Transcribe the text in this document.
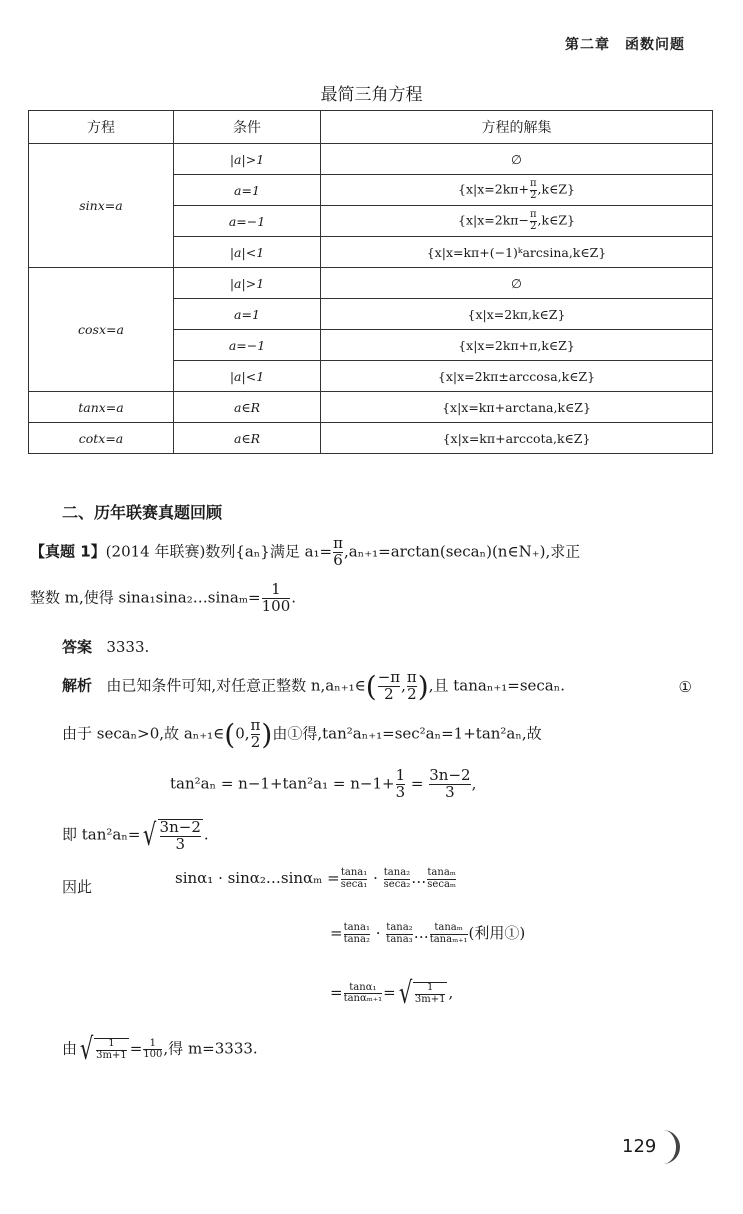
第二章　函数问题
最简三角方程
方程	条件	方程的解集
sinx=a	|a|>1	∅
	a=1	{$x|x=2k\pi+ \frac{\pi}{2}$ ,k∈Z}
	a=−1	{$x|x=2k\pi- \frac{\pi}{2}$ ,k∈Z}
	|a|<1	{x|x=kπ+(−1)ᵏarcsina,k∈Z}
cosx=a	|a|>1	∅
	a=1	{x|x=2kπ,k∈Z}
	a=−1	{x|x=2kπ+π,k∈Z}
	|a|<1	{x|x=2kπ±arccosa,k∈Z}
tanx=a	a∈R	{x|x=kπ+arctana,k∈Z}
cotx=a	a∈R	{x|x=kπ+arccota,k∈Z}
二、历年联赛真题回顾
【真题 1】(2014 年联赛)数列{aₙ}满足 $a_1= \frac{\pi}{6}$ ,aₙ₊₁=arctan(secaₙ)(n∈N₊),求正
整数 m,使得 sina₁sina₂…sinaₘ= $\frac{1}{100}$ .
答案 3333.
解析 由已知条件可知,对任意正整数 n,aₙ₊₁∈( $\frac{-\pi}{2}$ , $\frac{\pi}{2}$ ),且 tanaₙ₊₁=secaₙ.	①
由于 secaₙ>0,故 aₙ₊₁∈(0, $\frac{\pi}{2}$ )由①得,tan²aₙ₊₁=sec²aₙ=1+tan²aₙ,故
$\tan^2a_n = n-1+\tan^2a_1 = n-1+ \frac{1}{3} = \frac{3n-2}{3}$ ,
即 tan²aₙ= √ $\frac{3n-2}{3}$ .
因此	sinα₁ · sinα₂…sinαₘ = $\frac{\text{tana₁}}{\text{seca₁}} \cdot \frac{\text{tana₂}}{\text{seca₂}}$ … $\frac{\text{tanaₘ}}{\text{secaₘ}}$
= $\frac{\text{tana₁}}{\text{tana₂}} \cdot \frac{\text{tana₂}}{\text{tana₃}}$ … $\frac{\text{tanaₘ}}{\text{tanaₘ₊₁}}$ (利用①)
= $\frac{\text{tanα₁}}{\text{tanαₘ₊₁}}$ = √ $\frac{1}{3m+1}$ ,
由 √ $\frac{1}{3m+1} = \frac{1}{100}$ ,得 m=3333.
129
